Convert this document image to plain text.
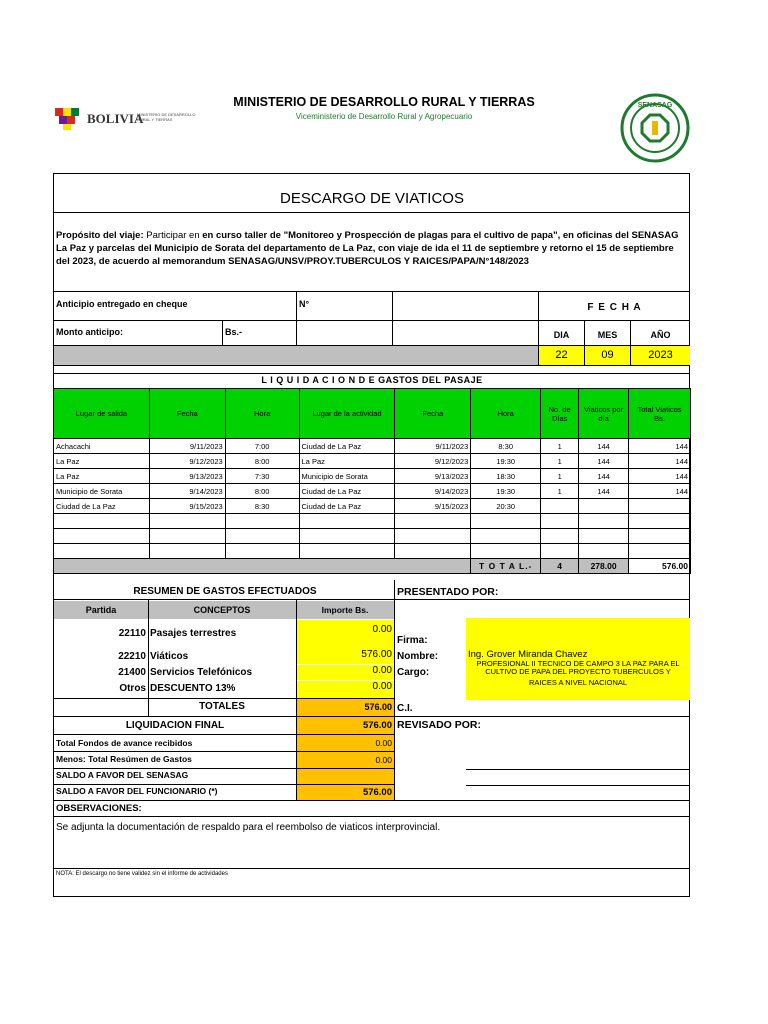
BOLIVIA
MINISTERIO DE DESARROLLO RURAL Y TIERRAS
MINISTERIO DE DESARROLLO RURAL Y TIERRAS
Viceministerio de Desarrollo Rural y Agropecuario
SENASAG
DESCARGO DE VIATICOS
Propósito del viaje: Participar en en curso taller de "Monitoreo y Prospección de plagas para el cultivo de papa", en oficinas del SENASAG La Paz y parcelas del Municipio de Sorata del departamento de La Paz, con viaje de ida el 11 de septiembre y retorno el 15 de septiembre del 2023, de acuerdo al memorandum SENASAG/UNSV/PROY.TUBERCULOS Y RAICES/PAPA/N°148/2023
Anticipio entregado en cheque	N°	F E C H A
Monto anticipo:	Bs.-	DIA	MES	AÑO
22	09	2023
L I Q U I D A C I O N D E GASTOS DEL PASAJE
Lugar de salida	Fecha	Hora	Lugar de la actividad	Fecha	Hora	No. de Días	Viaticos por día	Total Viaticos Bs.
Achacachi	9/11/2023	7:00	Ciudad de La Paz	9/11/2023	8:30	1	144	144
La Paz	9/12/2023	8:00	La Paz	9/12/2023	19:30	1	144	144
La Paz	9/13/2023	7:30	Municipio de Sorata	9/13/2023	18:30	1	144	144
Municipio de Sorata	9/14/2023	8:00	Ciudad de La Paz	9/14/2023	19:30	1	144	144
Ciudad de La Paz	9/15/2023	8:30	Ciudad de La Paz	9/15/2023	20:30			

					T O T A L.-	4	278.00	576.00
RESUMEN DE GASTOS EFECTUADOS	PRESENTADO POR:
Partida	CONCEPTOS	Importe Bs.
22110 Pasajes terrestres	0.00
22210 Viáticos	576.00
21400 Servicios Telefónicos	0.00
Otros DESCUENTO 13%	0.00
TOTALES	576.00
LIQUIDACION FINAL	576.00 REVISADO POR:
Total Fondos de avance recibidos	0.00
Menos: Total Resúmen de Gastos	0.00
SALDO A FAVOR DEL SENASAG
SALDO A FAVOR DEL FUNCIONARIO (*)	576.00
Firma:
Nombre:	Ing. Grover Miranda Chavez
Cargo:
PROFESIONAL II TECNICO DE CAMPO 3 LA PAZ PARA EL
CULTIVO DE PAPA DEL PROYECTO TUBERCULOS Y RAICES A NIVEL NACIONAL
C.I.
OBSERVACIONES:
Se adjunta la documentación de respaldo para el reembolso de viaticos interprovincial.
NOTA: El descargo no tiene validez sin el informe de actividades
